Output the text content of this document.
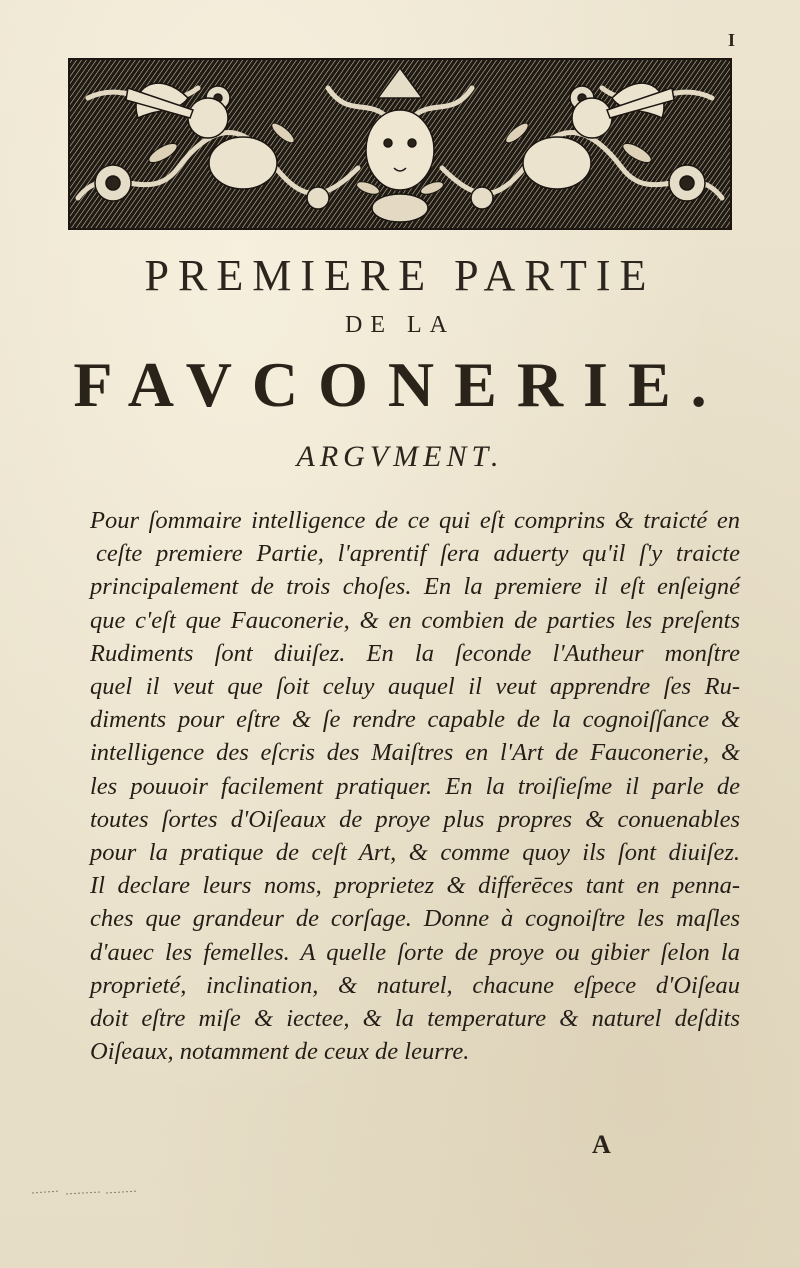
I
PREMIERE PARTIE
DE LA
FAVCONERIE.
ARGVMENT.
Pour ſommaire intelligence de ce qui eſt comprins & traicté en
ceſte premiere Partie, l'aprentif ſera aduerty qu'il ſ'y traicte
principalement de trois choſes. En la premiere il eſt enſeigné
que c'eſt que Fauconerie, & en combien de parties les preſents
Rudiments ſont diuiſez. En la ſeconde l'Autheur monſtre
quel il veut que ſoit celuy auquel il veut apprendre ſes Ru-
diments pour eſtre & ſe rendre capable de la cognoiſſance &
intelligence des eſcris des Maiſtres en l'Art de Fauconerie, &
les pouuoir facilement pratiquer. En la troiſieſme il parle de
toutes ſortes d'Oiſeaux de proye plus propres & conuenables
pour la pratique de ceſt Art, & comme quoy ils ſont diuiſez.
Il declare leurs noms, proprietez & differēces tant en penna-
ches que grandeur de corſage. Donne à cognoiſtre les maſles
d'auec les femelles. A quelle ſorte de proye ou gibier ſelon la
proprieté, inclination, & naturel, chacune eſpece d'Oiſeau
doit eſtre miſe & iectee, & la temperature & naturel deſdits
Oiſeaux, notamment de ceux de leurre.
A
